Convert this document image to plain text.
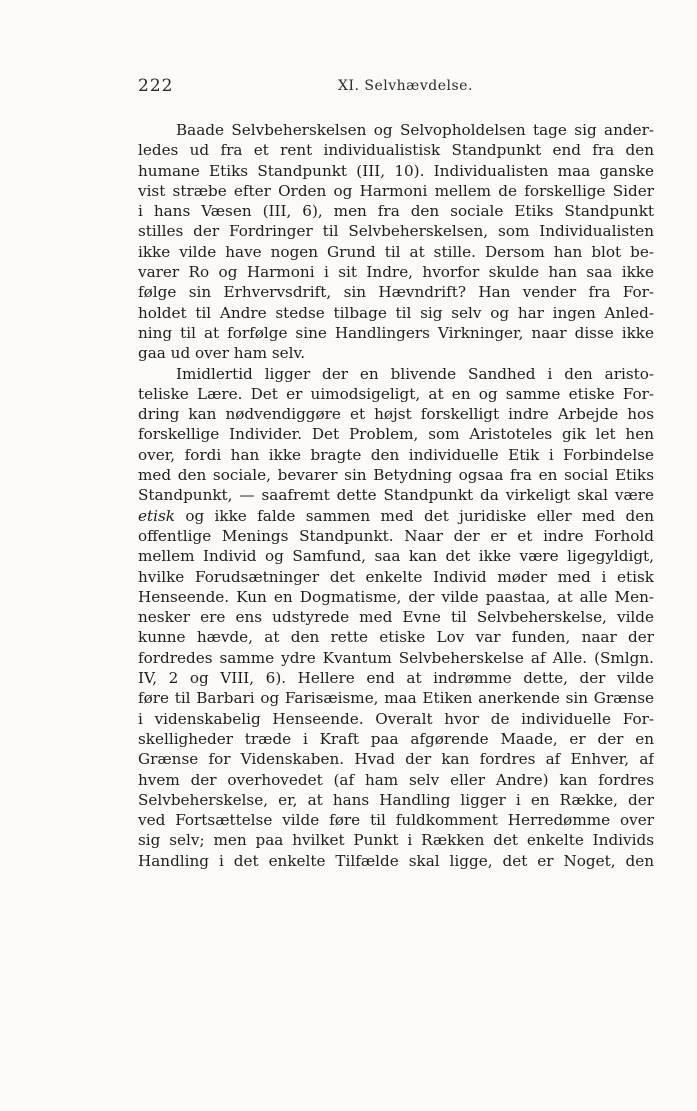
222	XI. Selvhævdelse.
Baade Selvbeherskelsen og Selvopholdelsen tage sig ander-
ledes ud fra et rent individualistisk Standpunkt end fra den
humane Etiks Standpunkt (III, 10). Individualisten maa ganske
vist stræbe efter Orden og Harmoni mellem de forskellige Sider
i hans Væsen (III, 6), men fra den sociale Etiks Standpunkt
stilles der Fordringer til Selvbeherskelsen, som Individualisten
ikke vilde have nogen Grund til at stille. Dersom han blot be-
varer Ro og Harmoni i sit Indre, hvorfor skulde han saa ikke
følge sin Erhvervsdrift, sin Hævndrift? Han vender fra For-
holdet til Andre stedse tilbage til sig selv og har ingen Anled-
ning til at forfølge sine Handlingers Virkninger, naar disse ikke
gaa ud over ham selv.
Imidlertid ligger der en blivende Sandhed i den aristo-
teliske Lære. Det er uimodsigeligt, at en og samme etiske For-
dring kan nødvendiggøre et højst forskelligt indre Arbejde hos
forskellige Individer. Det Problem, som Aristoteles gik let hen
over, fordi han ikke bragte den individuelle Etik i Forbindelse
med den sociale, bevarer sin Betydning ogsaa fra en social Etiks
Standpunkt, — saafremt dette Standpunkt da virkeligt skal være
etisk og ikke falde sammen med det juridiske eller med den
offentlige Menings Standpunkt. Naar der er et indre Forhold
mellem Individ og Samfund, saa kan det ikke være ligegyldigt,
hvilke Forudsætninger det enkelte Individ møder med i etisk
Henseende. Kun en Dogmatisme, der vilde paastaa, at alle Men-
nesker ere ens udstyrede med Evne til Selvbeherskelse, vilde
kunne hævde, at den rette etiske Lov var funden, naar der
fordredes samme ydre Kvantum Selvbeherskelse af Alle. (Smlgn.
IV, 2 og VIII, 6). Hellere end at indrømme dette, der vilde
føre til Barbari og Farisæisme, maa Etiken anerkende sin Grænse
i videnskabelig Henseende. Overalt hvor de individuelle For-
skelligheder træde i Kraft paa afgørende Maade, er der en
Grænse for Videnskaben. Hvad der kan fordres af Enhver, af
hvem der overhovedet (af ham selv eller Andre) kan fordres
Selvbeherskelse, er, at hans Handling ligger i en Række, der
ved Fortsættelse vilde føre til fuldkomment Herredømme over
sig selv; men paa hvilket Punkt i Rækken det enkelte Individs
Handling i det enkelte Tilfælde skal ligge, det er Noget, den
